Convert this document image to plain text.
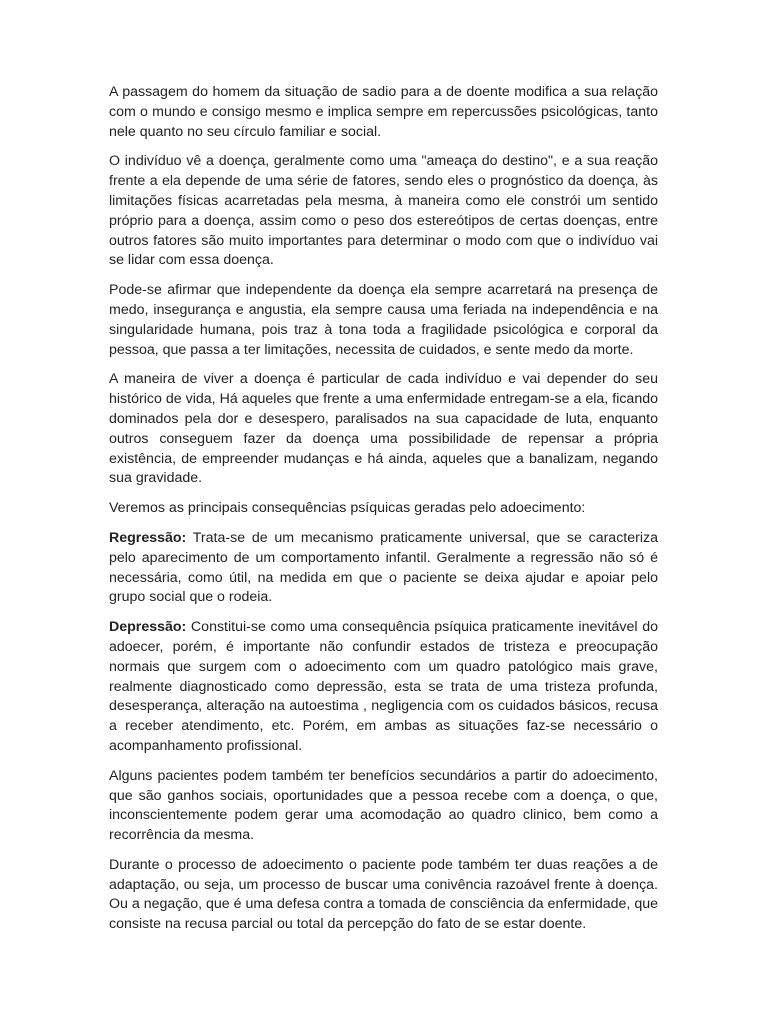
A passagem do homem da situação de sadio para a de doente modifica a sua relação com o mundo e consigo mesmo e implica sempre em repercussões psicológicas, tanto nele quanto no seu círculo familiar e social.

O indivíduo vê a doença, geralmente como uma "ameaça do destino", e a sua reação frente a ela depende de uma série de fatores, sendo eles o prognóstico da doença, às limitações físicas acarretadas pela mesma, à maneira como ele constrói um sentido próprio para a doença, assim como o peso dos estereótipos de certas doenças, entre outros fatores são muito importantes para determinar o modo com que o indivíduo vai se lidar com essa doença.

Pode-se afirmar que independente da doença ela sempre acarretará na presença de medo, insegurança e angustia, ela sempre causa uma feriada na independência e na singularidade humana, pois traz à tona toda a fragilidade psicológica e corporal da pessoa, que passa a ter limitações, necessita de cuidados, e sente medo da morte.

A maneira de viver a doença é particular de cada indivíduo e vai depender do seu histórico de vida, Há aqueles que frente a uma enfermidade entregam-se a ela, ficando dominados pela dor e desespero, paralisados na sua capacidade de luta, enquanto outros conseguem fazer da doença uma possibilidade de repensar a própria existência, de empreender mudanças e há ainda, aqueles que a banalizam, negando sua gravidade.

Veremos as principais consequências psíquicas geradas pelo adoecimento:

Regressão: Trata-se de um mecanismo praticamente universal, que se caracteriza pelo aparecimento de um comportamento infantil. Geralmente a regressão não só é necessária, como útil, na medida em que o paciente se deixa ajudar e apoiar pelo grupo social que o rodeia.

Depressão: Constitui-se como uma consequência psíquica praticamente inevitável do adoecer, porém, é importante não confundir estados de tristeza e preocupação normais que surgem com o adoecimento com um quadro patológico mais grave, realmente diagnosticado como depressão, esta se trata de uma tristeza profunda, desesperança, alteração na autoestima , negligencia com os cuidados básicos, recusa a receber atendimento, etc. Porém, em ambas as situações faz-se necessário o acompanhamento profissional.

Alguns pacientes podem também ter benefícios secundários a partir do adoecimento, que são ganhos sociais, oportunidades que a pessoa recebe com a doença, o que, inconscientemente podem gerar uma acomodação ao quadro clinico, bem como a recorrência da mesma.

Durante o processo de adoecimento o paciente pode também ter duas reações a de adaptação, ou seja, um processo de buscar uma conivência razoável frente à doença. Ou a negação, que é uma defesa contra a tomada de consciência da enfermidade, que consiste na recusa parcial ou total da percepção do fato de se estar doente.
